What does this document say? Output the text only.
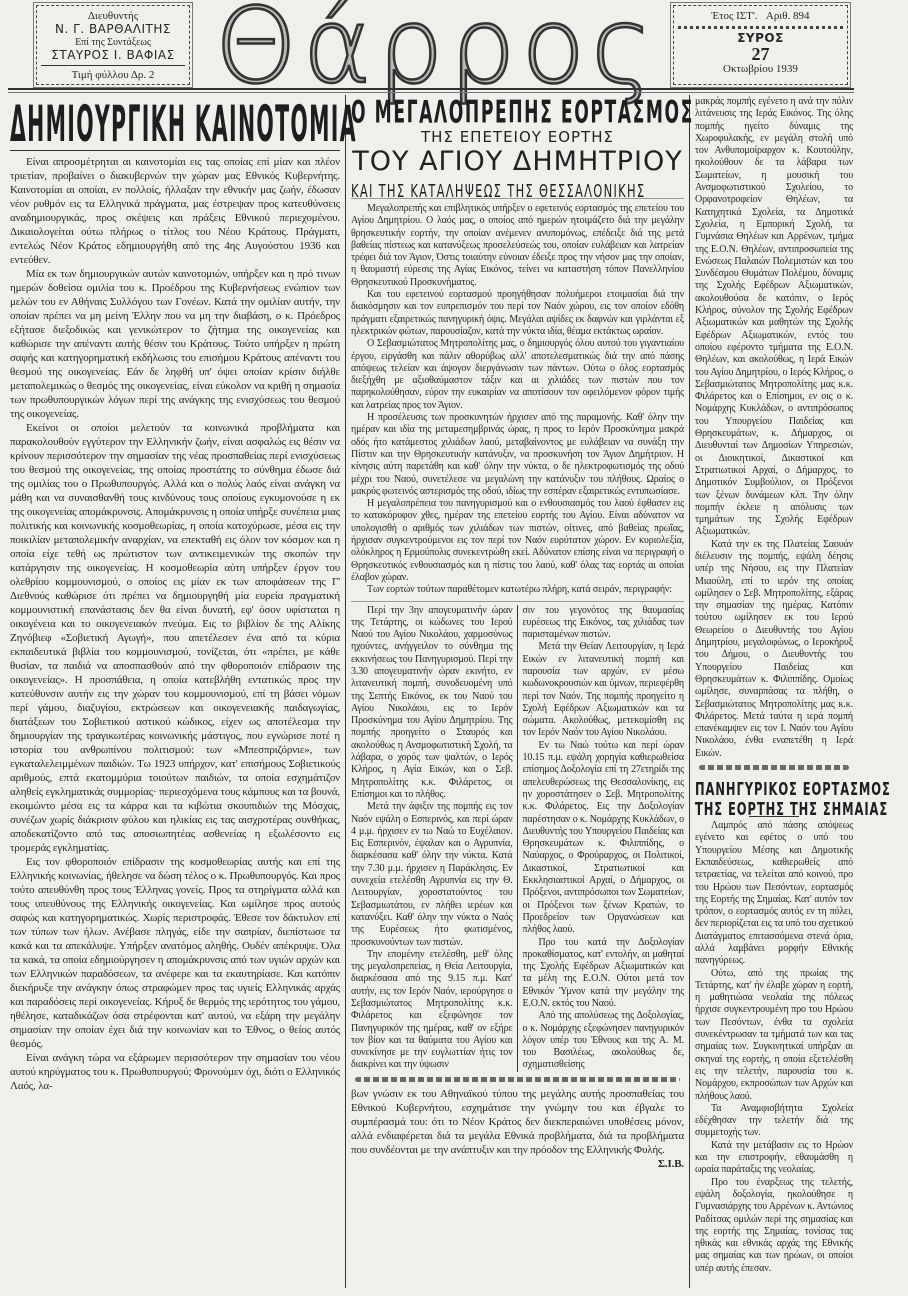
Διευθυντής
Ν. Γ. ΒΑΡΘΑΛΙΤΗΣ
Επί της Συντάξεως
ΣΤΑΥΡΟΣ Ι. ΒΑΦΙΑΣ
Τιμή φύλλου Δρ. 2 Θάρρος	Έτος ΙΣΤ'. Αριθ. 894
ΣΥΡΟΣ
27
Οκτωβρίου 1939
ΔΗΜΙΟΥΡΓΙΚΗ ΚΑΙΝΟΤΟΜΙΑ

Είναι απροσμέτρηται αι καινοτομίαι εις τας οποίας επί μίαν και πλέον τριετίαν, προβαίνει ο διακυβερνών την χώραν μας Εθνικός Κυβερνήτης. Καινοτομίαι αι οποίαι, εν πολλοίς, ήλλαξαν την εθνικήν μας ζωήν, έδωσαν νέον ρυθμόν εις τα Ελληνικά πράγματα, μας έστρεψαν προς κατευθύνσεις αναδημιουργικάς, προς σκέψεις και πράξεις Εθνικού περιεχομένου. Δικαιολογείται ούτω πλήρως ο τίτλος του Νέου Κράτους. Πράγματι, εντελώς Νέον Κράτος εδημιουργήθη από της 4ης Αυγούστου 1936 και εντεύθεν.

Μία εκ των δημιουργικών αυτών καινοτομιών, υπήρξεν και η πρό τινων ημερών δοθείσα ομιλία του κ. Προέδρου της Κυβερνήσεως ενώπιον των μελών του εν Αθήναις Συλλόγου των Γονέων. Κατά την ομιλίαν αυτήν, την οποίαν πρέπει να μη μείνη Έλλην που να μη την διαβάση, ο κ. Πρόεδρος εξήτασε διεξοδικώς και γενικώτερον το ζήτημα της οικογενείας και καθώρισε την απέναντι αυτής θέσιν του Κράτους. Τούτο υπήρξεν η πρώτη σαφής και κατηγορηματική εκδήλωσις του επισήμου Κράτους απέναντι του θεσμού της οικογενείας. Εάν δε ληφθή υπ' όψει οποίαν κρίσιν διήλθε μεταπολεμικώς ο θεσμός της οικογενείας, είναι εύκολον να κριθή η σημασία των πρωθυπουργικών λόγων περί της ανάγκης της ενισχύσεως του θεσμού της οικογενείας.

Εκείνοι οι οποίοι μελετούν τα κοινωνικά προβλήματα και παρακολουθούν εγγύτερον την Ελληνικήν ζωήν, είναι ασφαλώς εις θέσιν να κρίνουν περισσότερον την σημασίαν της νέας προσπαθείας περί ενισχύσεως του θεσμού της οικογενείας, της οποίας προστάτης το σύνθημα έδωσε διά της ομιλίας του ο Πρωθυπουργός. Αλλά και ο πολύς λαός είναι ανάγκη να μάθη και να συναισθανθή τους κινδύνους τους οποίους εγκυμονούσε η εκ της οικογενείας απομάκρυνσις. Απομάκρυνσις η οποία υπήρξε συνέπεια μιας πολιτικής και κοινωνικής κοσμοθεωρίας, η οποία κατοχύρωσε, μέσα εις την ποικιλίαν μεταπολεμικήν αναρχίαν, να επεκταθή εις όλον τον κόσμον και η οποία είχε τεθή ως πρώτιστον των αντικειμενικών της σκοπών την κατάργησιν της οικογενείας. Η κοσμοθεωρία αύτη υπήρξεν έργον του ολεθρίου κομμουνισμού, ο οποίος εις μίαν εκ των αποφάσεων της Γ' Διεθνούς καθώρισε ότι πρέπει να δημιουργηθή μία ευρεία πραγματική κομμουνιστική επανάστασις δεν θα είναι δυνατή, εφ' όσον υφίσταται η οικογένεια και το οικογενειακόν πνεύμα. Εις το βιβλίον δε της Αλίκης Ζηνόβιεφ «Σοβιετική Αγωγή», που απετέλεσεν ένα από τα κύρια εκπαιδευτικά βιβλία του κομμουνισμού, τονίζεται, ότι «πρέπει, με κάθε θυσίαν, τα παιδιά να αποσπασθούν από την φθοροποιόν επίδρασιν της οικογενείας». Η προσπάθεια, η οποία κατεβλήθη εντατικώς προς την κατεύθυνσιν αυτήν εις την χώραν του κομμουνισμού, επί τη βάσει νόμων περί γάμου, διαζυγίου, εκτρώσεων και οικογενειακής παιδαγωγίας, διατάξεων του Σοβιετικού αστικού κώδικος, είχεν ως αποτέλεσμα την δημιουργίαν της τραγικωτέρας κοινωνικής μάστιγος, που εγνώρισε ποτέ η ιστορία του ανθρωπίνου πολιτισμού: των «Μπεσπριζόρνιε», των εγκαταλελειμμένων παιδιών. Τω 1923 υπήρχον, κατ' επισήμους Σοβιετικούς αριθμούς, επτά εκατομμύρια τοιούτων παιδιών, τα οποία εσχημάτιζον αληθείς εγκληματικάς συμμορίας· περιεσχόμενα τους κάμπους και τα βουνά, εκοιμώντο μέσα εις τα κάρρα και τα κιβώτια σκουπιδιών της Μόσχας, συνέζων χωρίς διάκρισιν φύλου και ηλικίας εις τας αισχροτέρας συνθήκας, αποδεκατίζοντο από τας αποσιωπητέας ασθενείας η εξωλέσοντο εις τρομεράς εγκληματίας.

Εις τον φθοροποιόν επίδρασιν της κοσμοθεωρίας αυτής και επί της Ελληνικής κοινωνίας, ήθελησε να δώση τέλος ο κ. Πρωθυπουργός. Και προς τούτο απευθύνθη προς τους Έλληνας γονείς. Προς τα στηρίγματα αλλά και τους υπευθύνους της Ελληνικής οικογενείας. Και ωμίλησε προς αυτούς σαφώς και κατηγορηματικώς. Χωρίς περιστροφάς. Έθεσε τον δάκτυλον επί των τύπων των ήλων. Ανέβασε πληγάς, είδε την σαπρίαν, διεπίστωσε τα κακά και τα απεκάλυψε. Υπήρξεν ανατόμος αληθής. Ουδέν απέκρυψε. Όλα τα κακά, τα οποία εδημιούργησεν η απομάκρυνσις από των υγιών αρχών και των Ελληνικών παραδόσεων, τα ανέφερε και τα εκαυτηρίασε. Και κατόπιν διεκήρυξε την ανάγκην όπως στραφώμεν προς τας υγιείς Ελληνικάς αρχάς και παραδόσεις περί οικογενείας. Κήρυξ δε θερμός της ιερότητος του γάμου, ηθέλησε, καταδικάζων όσα στρέφονται κατ' αυτού, να εξάρη την μεγάλην σημασίαν την οποίαν έχει διά την κοινωνίαν και το Έθνος, ο θείος αυτός θεσμός.

Είναι ανάγκη τώρα να εξάρωμεν περισσότερον την σημασίαν του νέου αυτού κηρύγματος του κ. Πρωθυπουργού; Φρονούμεν όχι, διότι ο Ελληνικός Λαός, λα-

Ο ΜΕΓΑΛΟΠΡΕΠΗΣ ΕΟΡΤΑΣΜΟΣ
ΤΗΣ ΕΠΕΤΕΙΟΥ ΕΟΡΤΗΣ
ΤΟΥ ΑΓΙΟΥ ΔΗΜΗΤΡΙΟΥ
ΚΑΙ ΤΗΣ ΚΑΤΑΛΗΨΕΩΣ ΤΗΣ ΘΕΣΣΑΛΟΝΙΚΗΣ

Μεγαλοπρεπής και επιβλητικός υπήρξεν ο εφετεινός εορτασμός της επετείου του Αγίου Δημητρίου. Ο λαός μας, ο οποίος από ημερών ητοιμάζετο διά την μεγάλην θρησκευτικήν εορτήν, την οποίαν ανέμενεν ανυπομόνως, επέδειξε διά της μετά βαθείας πίστεως και κατανύξεως προσελεύσεώς του, οποίαν ευλάβειαν και λατρείαν τρέφει διά τον Άγιον, Όστις τοιαύτην εύνοιαν έδειξε προς την νήσον μας την οποίαν, η θαυμαστή εύρεσις της Αγίας Εικόνος, τείνει να καταστήση τόπον Πανελληνίου Θρησκευτικού Προσκυνήματος.

Και του εφετεινού εορτασμού προηγήθησαν πολυήμεροι ετοιμασίαι διά την διακόσμησιν και τον ευπρεπισμόν του περί τον Ναόν χώρου, εις τον οποίον εδόθη πράγματι εξαιρετικώς πανηγυρική όψις. Μεγάλαι αψίδες εκ δαφνών και γιρλάνται εξ ηλεκτρικών φώτων, παρουσίαζον, κατά την νύκτα ιδία, θέαμα εκτάκτως ωραίον.

Ο Σεβασμιώτατος Μητροπολίτης μας, ο δημιουργός όλου αυτού του γιγαντιαίου έργου, ειργάσθη και πάλιν αθορύβως αλλ' αποτελεσματικώς διά την από πάσης απόψεως τελείαν και άψογον διεργάνωσιν των πάντων. Ούτω ο όλος εορτασμός διεξήχθη με αξιοθαύμαστον τάξιν και αι χιλιάδες των πιστών που τον παρηκολούθησαν, εύρον την ευκαιρίαν να αποτίσουν τον οφειλόμενον φόρον τιμής και λατρείας προς τον Άγιον.

Η προσέλευσις των προσκυνητών ήρχισεν από της παραμονής. Καθ' όλην την ημέραν και ιδία της μεταμεσημβρινάς ώρας, η προς το Ιερόν Προσκύνημα μακρά οδός ήτο κατάμεστος χιλιάδων λαού, μεταβαίνοντος με ευλάβειαν να συνάξη την Πίστιν και την Θρησκευτικήν κατάνυξιν, να προσκυνήση τον Άγιον Δημήτριον. Η κίνησις αύτη παρετάθη και καθ' όλην την νύκτα, ο δε ηλεκτροφωτισμός της οδού μέχρι του Ναού, συνετέλεσε να μεγαλώνη την κατάνυξιν του πλήθους. Ωραίος ο μακρύς φωτεινός αστερισμός της οδού, ιδίως την εσπέραν εξαιρετικώς εντυπωσίασε.

Η μεγαλοπρέπεια του πανηγυρισμού και ο ενθουσιασμός του λαού έφθασεν εις το κατακόρυφον χθες, ημέραν της επετείου εορτής του Αγίου. Είναι αδύνατον να υπολογισθή ο αριθμός των χιλιάδων των πιστών, οίτινες, από βαθείας πρωΐας, ήρχισαν συγκεντρούμενοι εις τον περί τον Ναόν ευρύτατον χώρον. Εν κυριολεξία, ολόκληρος η Ερμούπολις συνεκεντρώθη εκεί. Αδύνατον επίσης είναι να περιγραφή ο Θρησκευτικός ενθουσιασμός και η πίστις του λαού, καθ' όλας τας εορτάς αι οποίαι έλαβον χώραν.

Των εορτών τούτων παραθέτομεν κατωτέρω πλήρη, κατά σειράν, περιγραφήν:

Περί την 3ην απογευματινήν ώραν της Τετάρτης, οι κώδωνες του Ιερού Ναού του Αγίου Νικολάου, χαρμοσύνως ηχούντες, ανήγγειλον το σύνθημα της εκκινήσεως του Πανηγυρισμού. Περί την 3.30 απογευματινήν ώραν εκινήτο, εν λιτανευτική πομπή, συνοδευομένη υπό της Σεπτής Εικόνος, εκ του Ναού του Αγίου Νικολάου, εις το Ιερόν Προσκύνημα του Αγίου Δημητρίου. Της πομπής προηγείτο ο Σταυρός και ακολούθως η Ανσμοφωτιστική Σχολή, τα λάβαρα, ο χορός των ψαλτών, ο Ιερός Κλήρος, η Αγία Εικών, και ο Σεβ. Μητροπολίτης κ.κ. Φιλάρετος, οι Επίσημοι και το πλήθος.

Μετά την άφιξιν της πομπής εις τον Ναόν εψάλη ο Εσπερινός, και περί ώραν 4 μ.μ. ήρχισεν εν τω Ναώ το Ευχέλαιον. Εις Εσπερινόν, έψαλαν και ο Αγρυπνία, διαρκέσασα καθ' όλην την νύκτα. Κατά την 7.30 μ.μ. ήρχισεν η Παράκλησις. Εν συνεχεία ετελέσθη Αγρυπνία εις την Θ. Λειτουργίαν, χοροστατούντος του Σεβασμιωτάτου, εν πλήθει ιερέων και κατανύξει. Καθ' όλην την νύκτα ο Ναός της Ευρέσεως ήτο φωτισμένος, προσκυνούντων των πιστών.

Την επομένην ετελέσθη, μεθ' όλης της μεγαλοπρεπείας, η Θεία Λειτουργία, διαρκέσασα από της 9.15 π.μ. Κατ' αυτήν, εις τον Ιερόν Ναόν, ιερούργησε ο Σεβασμιώτατος Μητροπολίτης κ.κ. Φιλάρετος και εξεφώνησε τον Πανηγυρικόν της ημέρας, καθ' ον εξήρε τον βίον και τα θαύματα του Αγίου και συνεκίνησε με την ευγλωττίαν ήτις τον διακρίνει και την ύψωσιν

σιν του γεγονότος της θαυμασίας ευρέσεως της Εικόνος, τας χιλιάδας των παρισταμένων πιστών.

Μετά την Θείαν Λειτουργίαν, η Ιερά Εικών εν λιτανευτική πομπή και παρουσία των αρχών, εν μέσω κωδωνοκρουσιών και ύμνων, περιεφέρθη περί τον Ναόν. Της πομπής προηγείτο η Σχολή Εφέδρων Αξιωματικών και τα σώματα. Ακολούθως, μετεκομίσθη εις τον Ιερόν Ναόν του Αγίου Νικολάου.

Εν τω Ναώ τούτω και περί ώραν 10.15 π.μ. εψάλη χορηγία καθιερωθείσα επίσημος Δοξολογία επί τη 27ετηρίδι της απελευθερώσεως της Θεσσαλονίκης, εις ην χοροστάτησεν ο Σεβ. Μητροπολίτης κ.κ. Φιλάρετος. Εις την Δοξολογίαν παρέστησαν ο κ. Νομάρχης Κυκλάδων, ο Διευθυντής του Υπουργείου Παιδείας και Θρησκευμάτων κ. Φιλιππίδης, ο Ναύαρχος, ο Φρούραρχος, οι Πολιτικοί, Δικαστικοί, Στρατιωτικοί και Εκκλησιαστικοί Αρχαί, ο Δήμαρχος, οι Πρόξενοι, αντιπρόσωποι των Σωματείων, οι Πρόξενοι των ξένων Κρατών, το Προεδρείον των Οργανώσεων και πλήθος λαού.

Προ του κατά την Δοξολογίαν προκαθίσματος, κατ' εντολήν, αι μαθηταί της Σχολής Εφέδρων Αξιωματικών και τα μέλη της Ε.Ο.Ν. Ούτοι μετά τον Εθνικόν Ύμνον κατά την μεγάλην της Ε.Ο.Ν. εκτός του Ναού.

Από της απολύσεως της Δοξολογίας, ο κ. Νομάρχης εξεφώνησεν πανηγυρικόν λόγον υπέρ του Έθνους και της Α. Μ. του Βασιλέως, ακολούθως δε, σχηματισθείσης

βων γνώσιν εκ του Αθηναϊκού τύπου της μεγάλης αυτής προσπαθείας του Εθνικού Κυβερνήτου, εσχημάτισε την γνώμην του και έβγαλε το συμπέρασμά του: ότι το Νέον Κράτος δεν διεκπεραιώνει υποθέσεις μόνον, αλλά ενδιαφέρεται διά τα μεγάλα Εθνικά προβλήματα, διά τα προβλήματα που συνδέονται με την ανάπτυξιν και την πρόοδον της Ελληνικής Φυλής.
Σ.Ι.Β.

μακράς πομπής εγένετο η ανά την πόλιν λιτάνευσις της Ιεράς Εικόνος. Της όλης πομπής ηγείτο δύναμις της Χωροφυλακής, εν μεγάλη στολή υπό τον Ανθυπομοίραρχον κ. Κουτούλην, ηκολούθουν δε τα λάβαρα των Σωματείων, η μουσική του Ανσμοφωτιστικού Σχολείου, το Ορφανοτροφείον Θηλέων, τα Κατηχητικά Σχολεία, τα Δημοτικά Σχολεία, η Εμπορική Σχολή, τα Γυμνάσια Θηλέων και Αρρένων, τμήμα της Ε.Ο.Ν. Θηλέων, αντιπροσωπεία της Ενώσεως Παλαιών Πολεμιστών και του Συνδέσμου Θυμάτων Πολέμου, δύναμις της Σχολής Εφέδρων Αξιωματικών, ακολουθούσα δε κατόπιν, ο Ιερός Κλήρος, σύνολον της Σχολής Εφέδρων Αξιωματικών και μαθητών της Σχολής Εφέδρων Αξιωματικών, εντός του οποίου εφέροντο τμήματα της Ε.Ο.Ν. Θηλέων, και ακολούθως, η Ιερά Εικών του Αγίου Δημητρίου, ο Ιερός Κλήρος, ο Σεβασμιώτατος Μητροπολίτης μας κ.κ. Φιλάρετος και ο Επίσημοι, εν οις ο κ. Νομάρχης Κυκλάδων, ο αντιπρόσωπος του Υπουργείου Παιδείας και Θρησκευμάτων, κ. Δήμαρχος, οι Διευθυνταί των Δημοσίων Υπηρεσιών, οι Διοικητικοί, Δικαστικοί και Στρατιωτικοί Αρχαί, ο Δήμαρχος, το Δημοτικόν Συμβούλιον, οι Πρόξενοι των ξένων δυνάμεων κλπ. Την όλην πομπήν έκλειε η απόλυσις των τμημάτων της Σχολής Εφέδρων Αξιωματικών.

Κατά την εκ της Πλατείας Σαουάν διέλευσιν της πομπής, εψάλη δέησις υπέρ της Νήσου, εις την Πλατείαν Μιαούλη, επί το ιερόν της οποίας ωμίλησεν ο Σεβ. Μητροπολίτης, εξάρας την σημασίαν της ημέρας. Κατόπιν τούτου ωμίλησεν εκ του Ιερού Θεωρείου ο Διευθυντής του Αγίου Δημητρίου, μεγαλοφώνως, ο Ιεροκήρυξ του Δήμου, ο Διευθυντής του Υπουργείου Παιδείας και Θρησκευμάτων κ. Φιλιππίδης. Ομοίως ωμίλησε, συναρπάσας τα πλήθη, ο Σεβασμιώτατος Μητροπολίτης μας κ.κ. Φιλάρετος. Μετά ταύτα η ιερά πομπή επανέκαμψεν εις τον Ι. Ναόν του Αγίου Νικολάου, ένθα εναπετέθη η Ιερά Εικών.

ΠΑΝΗΓΥΡΙΚΟΣ ΕΟΡΤΑΣΜΟΣ
ΤΗΣ ΕΟΡΤΗΣ ΤΗΣ ΣΗΜΑΙΑΣ

Λαμπρός από πάσης απόψεως εγένετο και εφέτος ο υπό του Υπουργείου Μέσης και Δημοτικής Εκπαιδεύσεως, καθιερωθείς από τετραετίας, να τελείται από κοινού, προ του Ηρώου των Πεσόντων, εορτασμός της Εορτής της Σημαίας. Κατ' αυτόν τον τρόπον, ο εορτασμός αυτός εν τη πόλει, δεν περιορίζεται εις τα υπό του σχετικού Διατάγματος επιτασσόμενα στενά όρια, αλλά λαμβάνει μορφήν Εθνικής πανηγύρεως.

Ούτω, από της πρωίας της Τετάρτης, κατ' ήν έλαβε χώραν η εορτή, η μαθητιώσα νεολαία της πόλεως ήρχισε συγκεντρουμένη προ του Ηρώου των Πεσόντων, ένθα τα σχολεία συνεκέντρωσαν τα τμήματά των και τας σημαίας των. Συγκινητικαί υπήρξαν αι σκηναί της εορτής, η οποία εξετελέσθη εις την τελετήν, παρουσία του κ. Νομάρχου, εκπροσώπων των Αρχών και πλήθους λαού.

Τα Αναμφισβήτητα Σχολεία εδέχθησαν την τελετήν διά της συμμετοχής των.

Κατά την μετάβασιν εις το Ηρώον και την επιστροφήν, εθαυμάσθη η ωραία παράταξις της νεολαίας.

Προ του έναρξεως της τελετής, εψάλη δοξολογία, ηκολούθησε η Γυμνασιάρχης του Αρρένων κ. Αντώνιος Ραδίτσας ομιλών περί της σημασίας και της εορτής της Σημαίας, τονίσας τας ηθικάς και εθνικάς αρχάς της Εθνικής μας σημαίας και των ηρώων, οι οποίοι υπέρ αυτής έπεσαν.
